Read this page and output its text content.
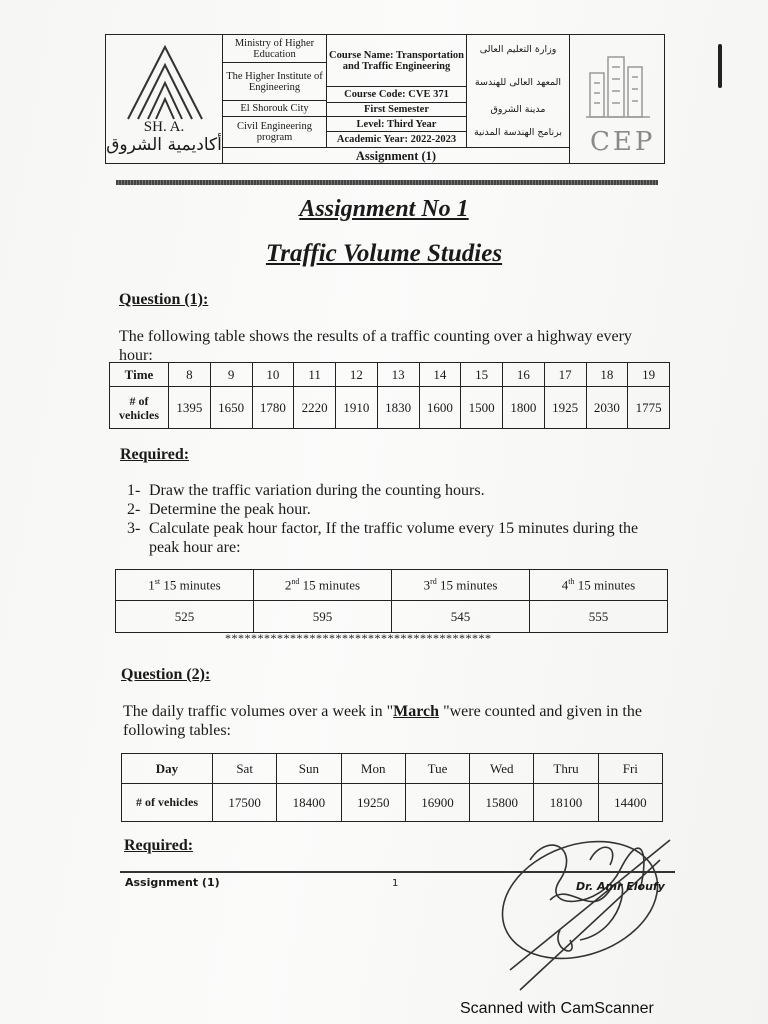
SH. A.
أكاديمية الشروق
Ministry of Higher Education
The Higher Institute of Engineering
El Shorouk City
Civil Engineering program
Course Name: Transportation and Traffic Engineering
Course Code: CVE 371
First Semester
Level: Third Year
Academic Year: 2022-2023
وزارة التعليم العالى
المعهد العالى للهندسة
مدينة الشروق
برنامج الهندسة المدنية
Assignment (1)	CEP
Assignment No 1
Traffic Volume Studies
Question (1):
The following table shows the results of a traffic counting over a highway every hour:
Time	8	9	10	11	12	13	14	15	16	17	18	19
# of vehicles	1395	1650	1780	2220	1910	1830	1600	1500	1800	1925	2030	1775
Required:
1- Draw the traffic variation during the counting hours.
2- Determine the peak hour.
3- Calculate peak hour factor, If the traffic volume every 15 minutes during the peak hour are:
1st 15 minutes	2nd 15 minutes	3rd 15 minutes	4th 15 minutes
525	595	545	555
*****************************************
Question (2):
The daily traffic volumes over a week in "March "were counted and given in the following tables:
Day	Sat	Sun	Mon	Tue	Wed	Thru	Fri
# of vehicles	17500	18400	19250	16900	15800	18100	14400
Required:
Assignment (1)	1	Dr. Amr Eloufy
Scanned with CamScanner
